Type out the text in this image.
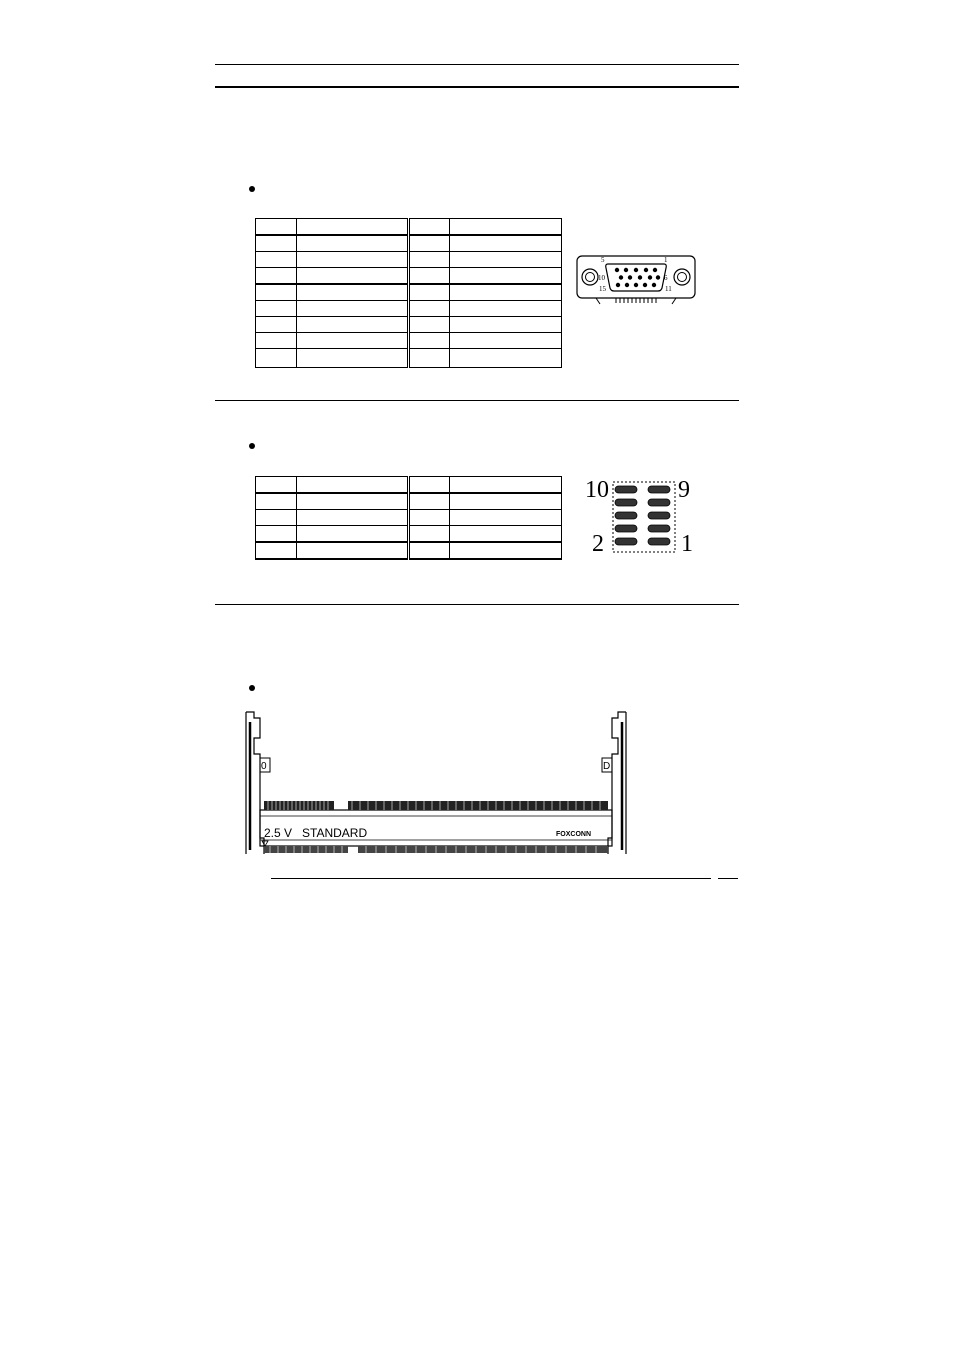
5	1
10	6
15	11

10	9
2	1
0	D
2.5 V   STANDARD	FOXCONN
